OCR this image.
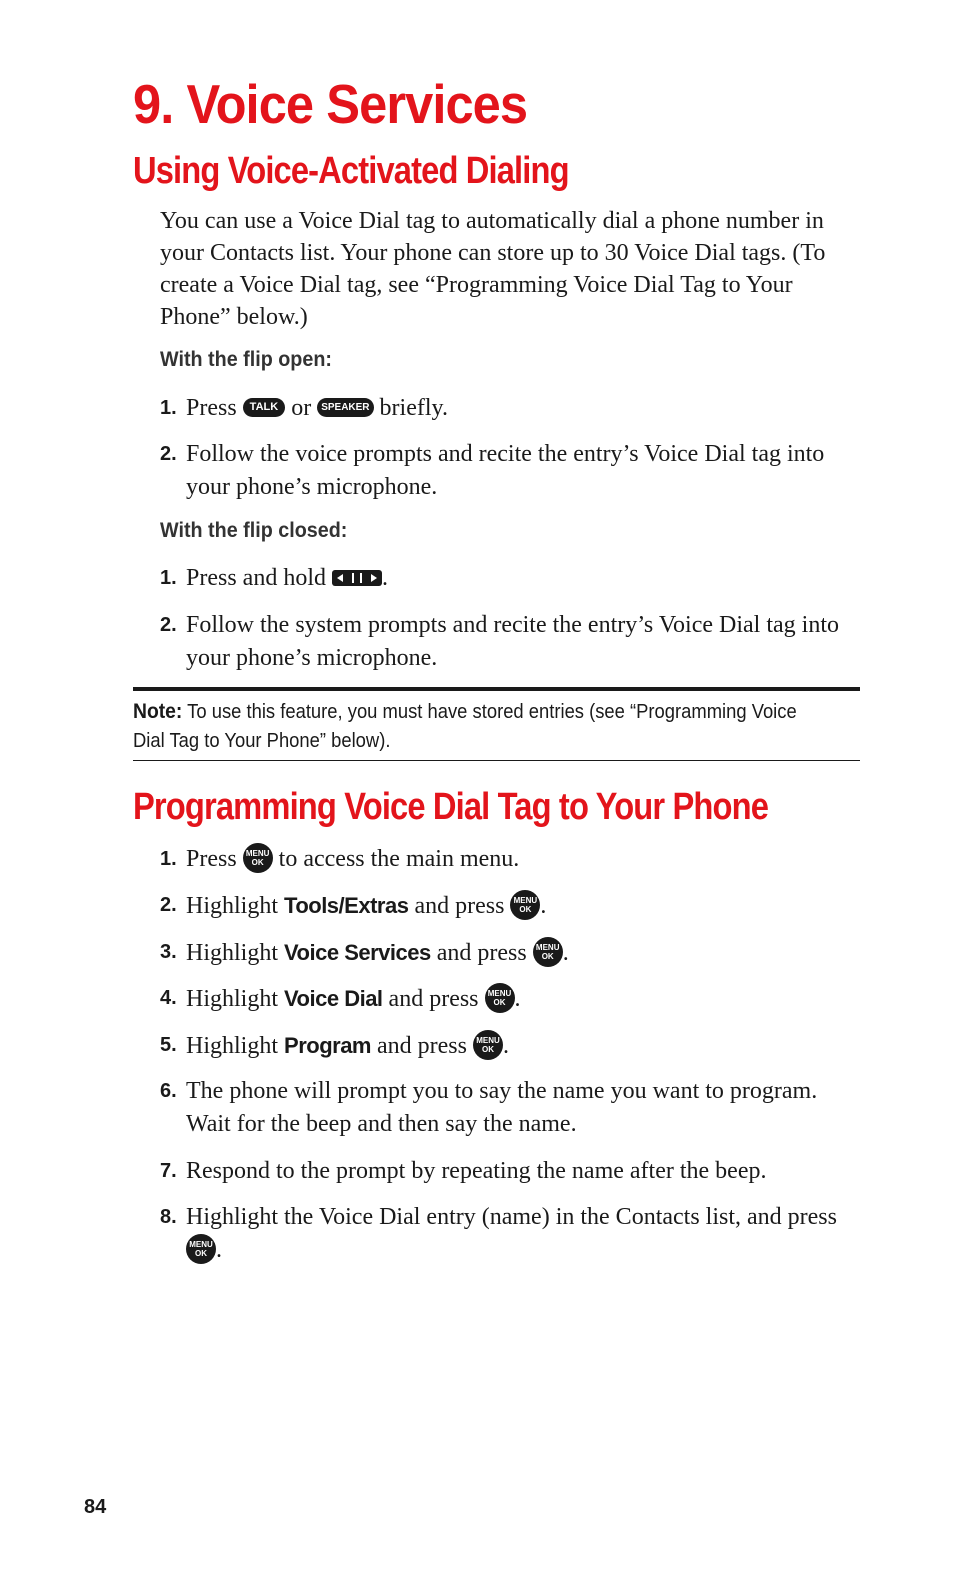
9. Voice Services
Using Voice-Activated Dialing

You can use a Voice Dial tag to automatically dial a phone number in your Contacts list. Your phone can store up to 30 Voice Dial tags. (To create a Voice Dial tag, see “Programming Voice Dial Tag to Your Phone” below.)

With the flip open:
1. Press TALK or SPEAKER briefly.
2. Follow the voice prompts and recite the entry’s Voice Dial tag into your phone’s microphone.
With the flip closed:
1. Press and hold .
2. Follow the system prompts and recite the entry’s Voice Dial tag into your phone’s microphone.
Note: To use this feature, you must have stored entries (see “Programming Voice Dial Tag to Your Phone” below).
Programming Voice Dial Tag to Your Phone
1. Press MENU
OK to access the main menu.
2. Highlight Tools/Extras and press MENU
OK .
3. Highlight Voice Services and press MENU
OK .
4. Highlight Voice Dial and press MENU
OK .
5. Highlight Program and press MENU
OK .
6. The phone will prompt you to say the name you want to program. Wait for the beep and then say the name.
7. Respond to the prompt by repeating the name after the beep.
8. Highlight the Voice Dial entry (name) in the Contacts list, and press MENU
OK .
84
